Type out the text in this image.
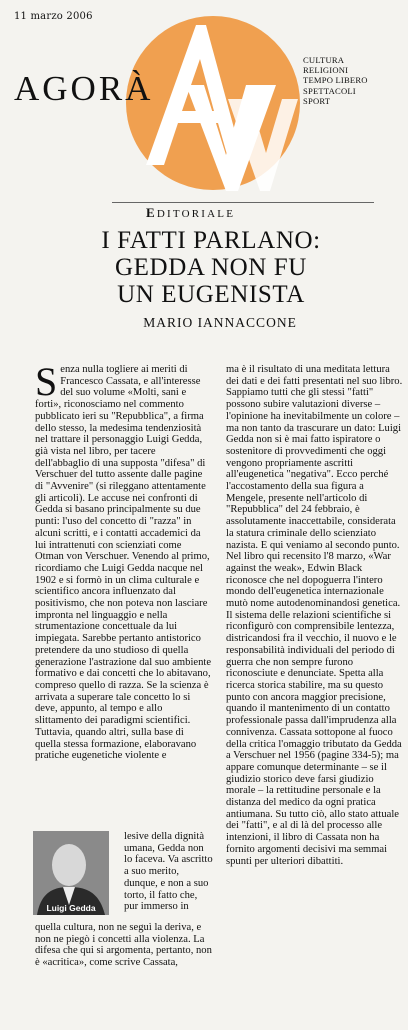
11 marzo 2006
AGORÀ
CULTURA
RELIGIONI
TEMPO LIBERO
SPETTACOLI
SPORT
EDITORIALE
I FATTI PARLANO:
GEDDA NON FU
UN EUGENISTA
MARIO IANNACCONE
S enza nulla togliere ai meriti di Francesco Cassata, e all'interesse del suo volume «Molti, sani e forti», riconosciamo nel commento pubblicato ieri su "Repubblica", a firma dello stesso, la medesima tendenziosità nel trattare il personaggio Luigi Gedda, già vista nel libro, per tacere dell'abbaglio di una supposta "difesa" di Verschuer del tutto assente dalle pagine di "Avvenire" (si rileggano attentamente gli articoli). Le accuse nei confronti di Gedda si basano principalmente su due punti: l'uso del concetto di "razza" in alcuni scritti, e i contatti accademici da lui intrattenuti con scienziati come Otman von Verschuer. Venendo al primo, ricordiamo che Luigi Gedda nacque nel 1902 e si formò in un clima culturale e scientifico ancora influenzato dal positivismo, che non poteva non lasciare impronta nel linguaggio e nella strumentazione concettuale da lui impiegata. Sarebbe pertanto antistorico pretendere da uno studioso di quella generazione l'astrazione dal suo ambiente formativo e dai concetti che lo abitavano, compreso quello di razza. Se la scienza è arrivata a superare tale concetto lo si deve, appunto, al tempo e allo slittamento dei paradigmi scientifici. Tuttavia, quando altri, sulla base di quella stessa formazione, elaboravano pratiche eugenetiche violente e

Luigi Gedda
lesive della dignità umana, Gedda non lo faceva. Va ascritto a suo merito, dunque, e non a suo torto, il fatto che, pur immerso in
quella cultura, non ne seguì la deriva, e non ne piegò i concetti alla violenza. La difesa che qui si argomenta, pertanto, non è «acritica», come scrive Cassata,

ma è il risultato di una meditata lettura dei dati e dei fatti presentati nel suo libro. Sappiamo tutti che gli stessi "fatti" possono subire valutazioni diverse – l'opinione ha inevitabilmente un colore – ma non tanto da trascurare un dato: Luigi Gedda non si è mai fatto ispiratore o sostenitore di provvedimenti che oggi vengono propriamente ascritti all'eugenetica "negativa". Ecco perché l'accostamento della sua figura a Mengele, presente nell'articolo di "Repubblica" del 24 febbraio, è assolutamente inaccettabile, considerata la statura criminale dello scienziato nazista. E qui veniamo al secondo punto. Nel libro qui recensito l'8 marzo, «War against the weak», Edwin Black riconosce che nel dopoguerra l'intero mondo dell'eugenetica internazionale mutò nome autodenominandosi genetica. Il sistema delle relazioni scientifiche si riconfigurò con comprensibile lentezza, districandosi fra il vecchio, il nuovo e le responsabilità individuali del periodo di guerra che non sempre furono riconosciute e denunciate. Spetta alla ricerca storica stabilire, ma su questo punto con ancora maggior precisione, quando il mantenimento di un contatto professionale passa dall'imprudenza alla connivenza. Cassata sottopone al fuoco della critica l'omaggio tributato da Gedda a Verschuer nel 1956 (pagine 334-5); ma appare comunque determinante – se il giudizio storico deve farsi giudizio morale – la rettitudine personale e la distanza del medico da ogni pratica antiumana. Su tutto ciò, allo stato attuale dei "fatti", e al di là del processo alle intenzioni, il libro di Cassata non ha fornito argomenti decisivi ma semmai spunti per ulteriori dibattiti.
